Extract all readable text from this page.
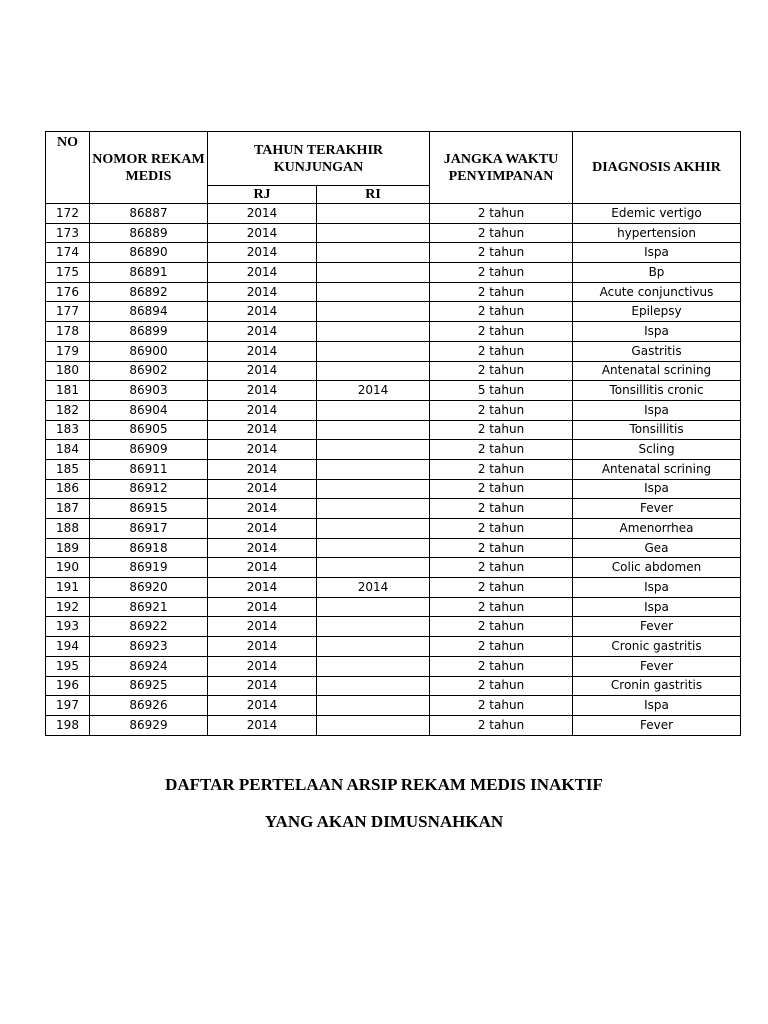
NO	NOMOR REKAM MEDIS	TAHUN TERAKHIR KUNJUNGAN		JANGKA WAKTU PENYIMPANAN	DIAGNOSIS AKHIR
		RJ	RI		
172	86887	2014		2 tahun	Edemic vertigo
173	86889	2014		2 tahun	hypertension
174	86890	2014		2 tahun	Ispa
175	86891	2014		2 tahun	Bp
176	86892	2014		2 tahun	Acute conjunctivus
177	86894	2014		2 tahun	Epilepsy
178	86899	2014		2 tahun	Ispa
179	86900	2014		2 tahun	Gastritis
180	86902	2014		2 tahun	Antenatal scrining
181	86903	2014	2014	5 tahun	Tonsillitis cronic
182	86904	2014		2 tahun	Ispa
183	86905	2014		2 tahun	Tonsillitis
184	86909	2014		2 tahun	Scling
185	86911	2014		2 tahun	Antenatal scrining
186	86912	2014		2 tahun	Ispa
187	86915	2014		2 tahun	Fever
188	86917	2014		2 tahun	Amenorrhea
189	86918	2014		2 tahun	Gea
190	86919	2014		2 tahun	Colic abdomen
191	86920	2014	2014	2 tahun	Ispa
192	86921	2014		2 tahun	Ispa
193	86922	2014		2 tahun	Fever
194	86923	2014		2 tahun	Cronic gastritis
195	86924	2014		2 tahun	Fever
196	86925	2014		2 tahun	Cronin gastritis
197	86926	2014		2 tahun	Ispa
198	86929	2014		2 tahun	Fever
DAFTAR PERTELAAN ARSIP REKAM MEDIS INAKTIF
YANG AKAN DIMUSNAHKAN
